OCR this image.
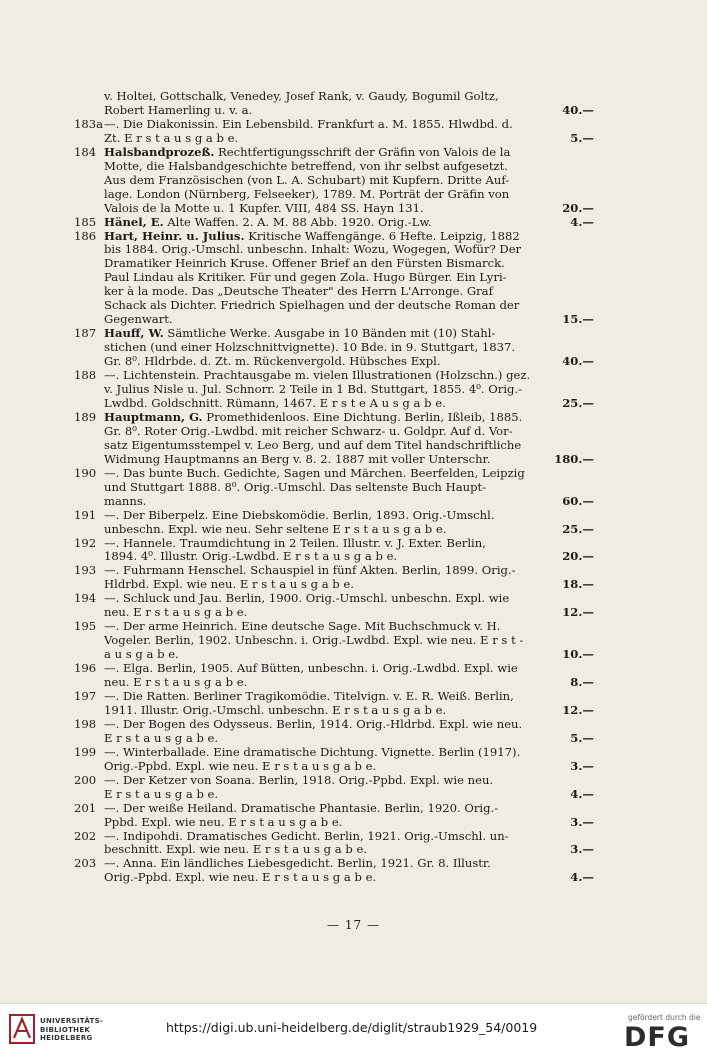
v. Holtei, Gottschalk, Venedey, Josef Rank, v. Gaudy, Bogumil Goltz,
40.—
Robert Hamerling u. v. a.
183a —. Die Diakonissin. Ein Lebensbild. Frankfurt a. M. 1855. Hlwdbd. d.
5.—
Zt. E r s t a u s g a b e.
184 Halsbandprozeß. Rechtfertigungsschrift der Gräfin von Valois de la
Motte, die Halsbandgeschichte betreffend, von ihr selbst aufgesetzt.
Aus dem Französischen (von L. A. Schubart) mit Kupfern. Dritte Auf-
lage. London (Nürnberg, Felseeker), 1789. M. Porträt der Gräfin von
20.—
Valois de la Motte u. 1 Kupfer. VIII, 484 SS. Hayn 131.
185	4.—
Hänel, E. Alte Waffen. 2. A. M. 88 Abb. 1920. Orig.-Lw.
186 Hart, Heinr. u. Julius. Kritische Waffengänge. 6 Hefte. Leipzig, 1882
bis 1884. Orig.-Umschl. unbeschn. Inhalt: Wozu, Wogegen, Wofür? Der
Dramatiker Heinrich Kruse. Offener Brief an den Fürsten Bismarck.
Paul Lindau als Kritiker. Für und gegen Zola. Hugo Bürger. Ein Lyri-
ker à la mode. Das „Deutsche Theater" des Herrn L'Arronge. Graf
Schack als Dichter. Friedrich Spielhagen und der deutsche Roman der
15.—
Gegenwart.
187 Hauff, W. Sämtliche Werke. Ausgabe in 10 Bänden mit (10) Stahl-
stichen (und einer Holzschnittvignette). 10 Bde. in 9. Stuttgart, 1837.
40.—
Gr. 8⁰. Hldrbde. d. Zt. m. Rückenvergold. Hübsches Expl.
188 —. Lichtenstein. Prachtausgabe m. vielen Illustrationen (Holzschn.) gez.
v. Julius Nisle u. Jul. Schnorr. 2 Teile in 1 Bd. Stuttgart, 1855. 4⁰. Orig.-
25.—
Lwdbd. Goldschnitt. Rümann, 1467. E r s t e A u s g a b e.
189 Hauptmann, G. Promethidenloos. Eine Dichtung. Berlin, Ißleib, 1885.
Gr. 8⁰. Roter Orig.-Lwdbd. mit reicher Schwarz- u. Goldpr. Auf d. Vor-
satz Eigentumsstempel v. Leo Berg, und auf dem Titel handschriftliche
180.—
Widmung Hauptmanns an Berg v. 8. 2. 1887 mit voller Unterschr.
190 —. Das bunte Buch. Gedichte, Sagen und Märchen. Beerfelden, Leipzig
und Stuttgart 1888. 8⁰. Orig.-Umschl. Das seltenste Buch Haupt-
60.—
manns.
191 —. Der Biberpelz. Eine Diebskomödie. Berlin, 1893. Orig.-Umschl.
25.—
unbeschn. Expl. wie neu. Sehr seltene E r s t a u s g a b e.
192 —. Hannele. Traumdichtung in 2 Teilen. Illustr. v. J. Exter. Berlin,
20.—
1894. 4⁰. Illustr. Orig.-Lwdbd. E r s t a u s g a b e.
193 —. Fuhrmann Henschel. Schauspiel in fünf Akten. Berlin, 1899. Orig.-
18.—
Hldrbd. Expl. wie neu. E r s t a u s g a b e.
194 —. Schluck und Jau. Berlin, 1900. Orig.-Umschl. unbeschn. Expl. wie
12.—
neu. E r s t a u s g a b e.
195 —. Der arme Heinrich. Eine deutsche Sage. Mit Buchschmuck v. H.
Vogeler. Berlin, 1902. Unbeschn. i. Orig.-Lwdbd. Expl. wie neu. E r s t -
10.—
a u s g a b e.
196 —. Elga. Berlin, 1905. Auf Bütten, unbeschn. i. Orig.-Lwdbd. Expl. wie
8.—
neu. E r s t a u s g a b e.
197 —. Die Ratten. Berliner Tragikomödie. Titelvign. v. E. R. Weiß. Berlin,
12.—
1911. Illustr. Orig.-Umschl. unbeschn. E r s t a u s g a b e.
198 —. Der Bogen des Odysseus. Berlin, 1914. Orig.-Hldrbd. Expl. wie neu.
5.—
E r s t a u s g a b e.
199 —. Winterballade. Eine dramatische Dichtung. Vignette. Berlin (1917).
3.—
Orig.-Ppbd. Expl. wie neu. E r s t a u s g a b e.
200 —. Der Ketzer von Soana. Berlin, 1918. Orig.-Ppbd. Expl. wie neu.
4.—
E r s t a u s g a b e.
201 —. Der weiße Heiland. Dramatische Phantasie. Berlin, 1920. Orig.-
3.—
Ppbd. Expl. wie neu. E r s t a u s g a b e.
202 —. Indipohdi. Dramatisches Gedicht. Berlin, 1921. Orig.-Umschl. un-
3.—
beschnitt. Expl. wie neu. E r s t a u s g a b e.
203 —. Anna. Ein ländliches Liebesgedicht. Berlin, 1921. Gr. 8. Illustr.
4.—
Orig.-Ppbd. Expl. wie neu. E r s t a u s g a b e.
— 17 —
UNIVERSITÄTS-
BIBLIOTHEK
HEIDELBERG
https://digi.ub.uni-heidelberg.de/diglit/straub1929_54/0019
gefördert durch die
DFG
